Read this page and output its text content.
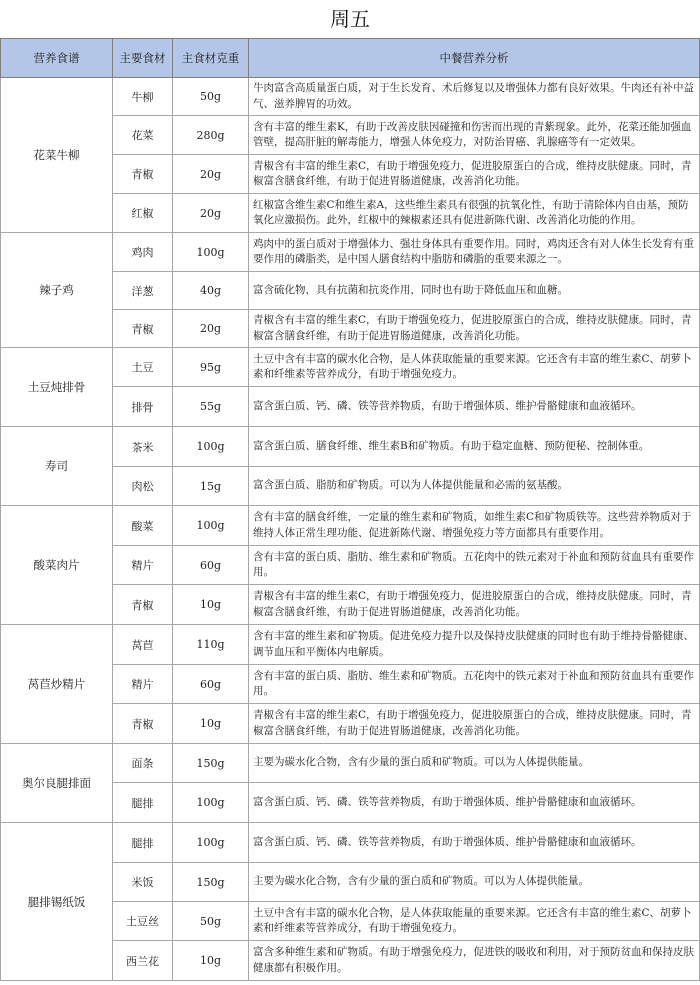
周五
营养食谱	主要食材	主食材克重	中餐营养分析
花菜牛柳	牛柳	50g	牛肉富含高质量蛋白质，对于生长发育、术后修复以及增强体力都有良好效果。牛肉还有补中益气、滋养脾胃的功效。
	花菜	280g	含有丰富的维生素K，有助于改善皮肤因碰撞和伤害而出现的青紫现象。此外，花菜还能加强血管壁，提高肝脏的解毒能力，增强人体免疫力，对防治胃癌、乳腺癌等有一定效果。
	青椒	20g	青椒含有丰富的维生素C，有助于增强免疫力，促进胶原蛋白的合成，维持皮肤健康。同时，青椒富含膳食纤维，有助于促进胃肠道健康，改善消化功能。
	红椒	20g	红椒富含维生素C和维生素A，这些维生素具有很强的抗氧化性，有助于清除体内自由基，预防氧化应激损伤。此外，红椒中的辣椒素还具有促进新陈代谢、改善消化功能的作用。
辣子鸡	鸡肉	100g	鸡肉中的蛋白质对于增强体力、强壮身体具有重要作用。同时，鸡肉还含有对人体生长发育有重要作用的磷脂类，是中国人膳食结构中脂肪和磷脂的重要来源之一。
	洋葱	40g	富含硫化物，具有抗菌和抗炎作用，同时也有助于降低血压和血糖。
	青椒	20g	青椒含有丰富的维生素C，有助于增强免疫力，促进胶原蛋白的合成，维持皮肤健康。同时，青椒富含膳食纤维，有助于促进胃肠道健康，改善消化功能。
土豆炖排骨	土豆	95g	土豆中含有丰富的碳水化合物，是人体获取能量的重要来源。它还含有丰富的维生素C、胡萝卜素和纤维素等营养成分，有助于增强免疫力。
	排骨	55g	富含蛋白质、钙、磷、铁等营养物质，有助于增强体质、维护骨骼健康和血液循环。
寿司	茶米	100g	富含蛋白质、膳食纤维、维生素B和矿物质。有助于稳定血糖、预防便秘、控制体重。
	肉松	15g	富含蛋白质、脂肪和矿物质。可以为人体提供能量和必需的氨基酸。
酸菜肉片	酸菜	100g	含有丰富的膳食纤维，一定量的维生素和矿物质，如维生素C和矿物质铁等。这些营养物质对于维持人体正常生理功能、促进新陈代谢、增强免疫力等方面都具有重要作用。
	精片	60g	含有丰富的蛋白质、脂肪、维生素和矿物质。五花肉中的铁元素对于补血和预防贫血具有重要作用。
	青椒	10g	青椒含有丰富的维生素C，有助于增强免疫力，促进胶原蛋白的合成，维持皮肤健康。同时，青椒富含膳食纤维，有助于促进胃肠道健康，改善消化功能。
莴苣炒精片	莴苣	110g	含有丰富的维生素和矿物质。促进免疫力提升以及保持皮肤健康的同时也有助于维持骨骼健康、调节血压和平衡体内电解质。
	精片	60g	含有丰富的蛋白质、脂肪、维生素和矿物质。五花肉中的铁元素对于补血和预防贫血具有重要作用。
	青椒	10g	青椒含有丰富的维生素C，有助于增强免疫力，促进胶原蛋白的合成，维持皮肤健康。同时，青椒富含膳食纤维，有助于促进胃肠道健康，改善消化功能。
奥尔良腿排面	面条	150g	主要为碳水化合物，含有少量的蛋白质和矿物质。可以为人体提供能量。
	腿排	100g	富含蛋白质、钙、磷、铁等营养物质，有助于增强体质、维护骨骼健康和血液循环。
腿排锡纸饭	腿排	100g	富含蛋白质、钙、磷、铁等营养物质，有助于增强体质、维护骨骼健康和血液循环。
	米饭	150g	主要为碳水化合物，含有少量的蛋白质和矿物质。可以为人体提供能量。
	土豆丝	50g	土豆中含有丰富的碳水化合物，是人体获取能量的重要来源。它还含有丰富的维生素C、胡萝卜素和纤维素等营养成分，有助于增强免疫力。
	西兰花	10g	富含多种维生素和矿物质。有助于增强免疫力，促进铁的吸收和利用，对于预防贫血和保持皮肤健康都有积极作用。
